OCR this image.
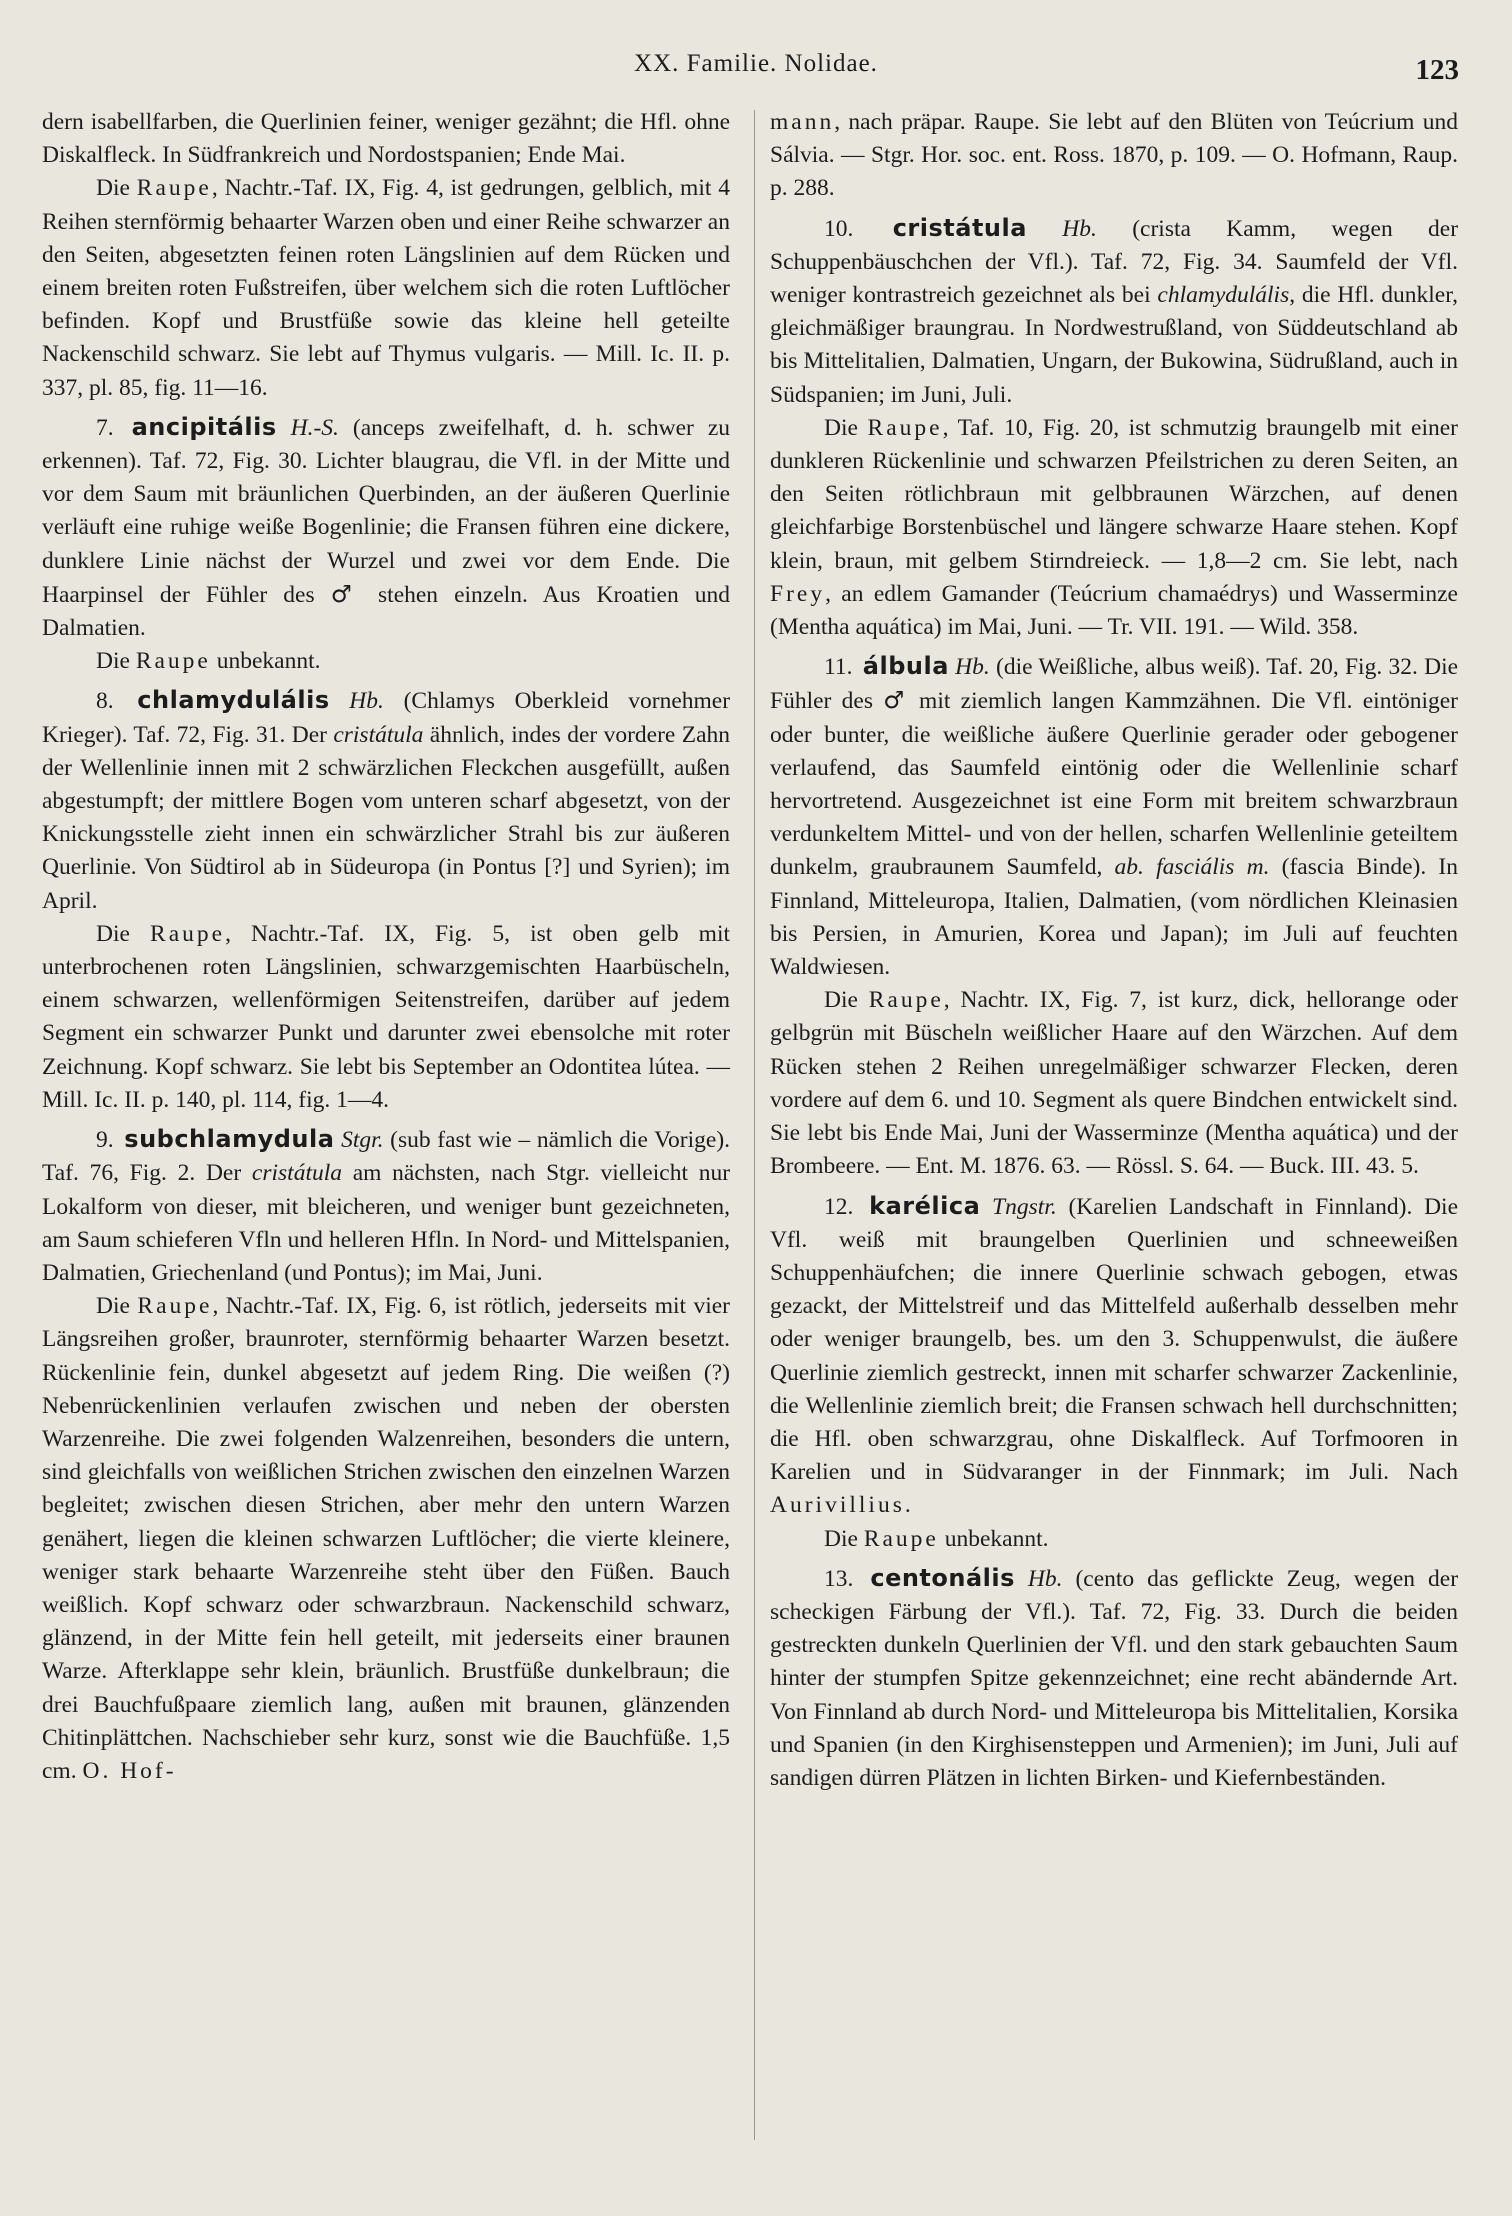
XX. Familie. Nolidae.	123

dern isabellfarben, die Querlinien feiner, weniger gezähnt; die Hfl. ohne Diskalfleck. In Südfrankreich und Nordostspanien; Ende Mai.

Die Raupe, Nachtr.-Taf. IX, Fig. 4, ist gedrungen, gelblich, mit 4 Reihen sternförmig behaarter Warzen oben und einer Reihe schwarzer an den Seiten, abgesetzten feinen roten Längslinien auf dem Rücken und einem breiten roten Fußstreifen, über welchem sich die roten Luftlöcher befinden. Kopf und Brustfüße sowie das kleine hell geteilte Nackenschild schwarz. Sie lebt auf Thymus vulgaris. — Mill. Ic. II. p. 337, pl. 85, fig. 11—16.

7. ancipitális H.-S. (anceps zweifelhaft, d. h. schwer zu erkennen). Taf. 72, Fig. 30. Lichter blaugrau, die Vfl. in der Mitte und vor dem Saum mit bräunlichen Querbinden, an der äußeren Querlinie verläuft eine ruhige weiße Bogenlinie; die Fransen führen eine dickere, dunklere Linie nächst der Wurzel und zwei vor dem Ende. Die Haarpinsel der Fühler des ♂ stehen einzeln. Aus Kroatien und Dalmatien.

Die Raupe unbekannt.

8. chlamydulális Hb. (Chlamys Oberkleid vornehmer Krieger). Taf. 72, Fig. 31. Der cristátula ähnlich, indes der vordere Zahn der Wellenlinie innen mit 2 schwärzlichen Fleckchen ausgefüllt, außen abgestumpft; der mittlere Bogen vom unteren scharf abgesetzt, von der Knickungsstelle zieht innen ein schwärzlicher Strahl bis zur äußeren Querlinie. Von Südtirol ab in Südeuropa (in Pontus [?] und Syrien); im April.

Die Raupe, Nachtr.-Taf. IX, Fig. 5, ist oben gelb mit unterbrochenen roten Längslinien, schwarzgemischten Haarbüscheln, einem schwarzen, wellenförmigen Seitenstreifen, darüber auf jedem Segment ein schwarzer Punkt und darunter zwei ebensolche mit roter Zeichnung. Kopf schwarz. Sie lebt bis September an Odontitea lútea. — Mill. Ic. II. p. 140, pl. 114, fig. 1—4.

9. subchlamydula Stgr. (sub fast wie – nämlich die Vorige). Taf. 76, Fig. 2. Der cristátula am nächsten, nach Stgr. vielleicht nur Lokalform von dieser, mit bleicheren, und weniger bunt gezeichneten, am Saum schieferen Vfln und helleren Hfln. In Nord- und Mittelspanien, Dalmatien, Griechenland (und Pontus); im Mai, Juni.

Die Raupe, Nachtr.-Taf. IX, Fig. 6, ist rötlich, jederseits mit vier Längsreihen großer, braunroter, sternförmig behaarter Warzen besetzt. Rückenlinie fein, dunkel abgesetzt auf jedem Ring. Die weißen (?) Nebenrückenlinien verlaufen zwischen und neben der obersten Warzenreihe. Die zwei folgenden Walzenreihen, besonders die untern, sind gleichfalls von weißlichen Strichen zwischen den einzelnen Warzen begleitet; zwischen diesen Strichen, aber mehr den untern Warzen genähert, liegen die kleinen schwarzen Luftlöcher; die vierte kleinere, weniger stark behaarte Warzenreihe steht über den Füßen. Bauch weißlich. Kopf schwarz oder schwarzbraun. Nackenschild schwarz, glänzend, in der Mitte fein hell geteilt, mit jederseits einer braunen Warze. Afterklappe sehr klein, bräunlich. Brustfüße dunkelbraun; die drei Bauchfußpaare ziemlich lang, außen mit braunen, glänzenden Chitinplättchen. Nachschieber sehr kurz, sonst wie die Bauchfüße. 1,5 cm. O. Hof-

mann, nach präpar. Raupe. Sie lebt auf den Blüten von Teúcrium und Sálvia. — Stgr. Hor. soc. ent. Ross. 1870, p. 109. — O. Hofmann, Raup. p. 288.

10. cristátula Hb. (crista Kamm, wegen der Schuppenbäuschchen der Vfl.). Taf. 72, Fig. 34. Saumfeld der Vfl. weniger kontrastreich gezeichnet als bei chlamydulális, die Hfl. dunkler, gleichmäßiger braungrau. In Nordwestrußland, von Süddeutschland ab bis Mittelitalien, Dalmatien, Ungarn, der Bukowina, Südrußland, auch in Südspanien; im Juni, Juli.

Die Raupe, Taf. 10, Fig. 20, ist schmutzig braungelb mit einer dunkleren Rückenlinie und schwarzen Pfeilstrichen zu deren Seiten, an den Seiten rötlichbraun mit gelbbraunen Wärzchen, auf denen gleichfarbige Borstenbüschel und längere schwarze Haare stehen. Kopf klein, braun, mit gelbem Stirndreieck. — 1,8—2 cm. Sie lebt, nach Frey, an edlem Gamander (Teúcrium chamaédrys) und Wasserminze (Mentha aquática) im Mai, Juni. — Tr. VII. 191. — Wild. 358.

11. álbula Hb. (die Weißliche, albus weiß). Taf. 20, Fig. 32. Die Fühler des ♂ mit ziemlich langen Kammzähnen. Die Vfl. eintöniger oder bunter, die weißliche äußere Querlinie gerader oder gebogener verlaufend, das Saumfeld eintönig oder die Wellenlinie scharf hervortretend. Ausgezeichnet ist eine Form mit breitem schwarzbraun verdunkeltem Mittel- und von der hellen, scharfen Wellenlinie geteiltem dunkelm, graubraunem Saumfeld, ab. fasciális m. (fascia Binde). In Finnland, Mitteleuropa, Italien, Dalmatien, (vom nördlichen Kleinasien bis Persien, in Amurien, Korea und Japan); im Juli auf feuchten Waldwiesen.

Die Raupe, Nachtr. IX, Fig. 7, ist kurz, dick, hellorange oder gelbgrün mit Büscheln weißlicher Haare auf den Wärzchen. Auf dem Rücken stehen 2 Reihen unregelmäßiger schwarzer Flecken, deren vordere auf dem 6. und 10. Segment als quere Bindchen entwickelt sind. Sie lebt bis Ende Mai, Juni der Wasserminze (Mentha aquática) und der Brombeere. — Ent. M. 1876. 63. — Rössl. S. 64. — Buck. III. 43. 5.

12. karélica Tngstr. (Karelien Landschaft in Finnland). Die Vfl. weiß mit braungelben Querlinien und schneeweißen Schuppenhäufchen; die innere Querlinie schwach gebogen, etwas gezackt, der Mittelstreif und das Mittelfeld außerhalb desselben mehr oder weniger braungelb, bes. um den 3. Schuppenwulst, die äußere Querlinie ziemlich gestreckt, innen mit scharfer schwarzer Zackenlinie, die Wellenlinie ziemlich breit; die Fransen schwach hell durchschnitten; die Hfl. oben schwarzgrau, ohne Diskalfleck. Auf Torfmooren in Karelien und in Südvaranger in der Finnmark; im Juli. Nach Aurivillius.

Die Raupe unbekannt.

13. centonális Hb. (cento das geflickte Zeug, wegen der scheckigen Färbung der Vfl.). Taf. 72, Fig. 33. Durch die beiden gestreckten dunkeln Querlinien der Vfl. und den stark gebauchten Saum hinter der stumpfen Spitze gekennzeichnet; eine recht abändernde Art. Von Finnland ab durch Nord- und Mitteleuropa bis Mittelitalien, Korsika und Spanien (in den Kirghisensteppen und Armenien); im Juni, Juli auf sandigen dürren Plätzen in lichten Birken- und Kiefernbeständen.
